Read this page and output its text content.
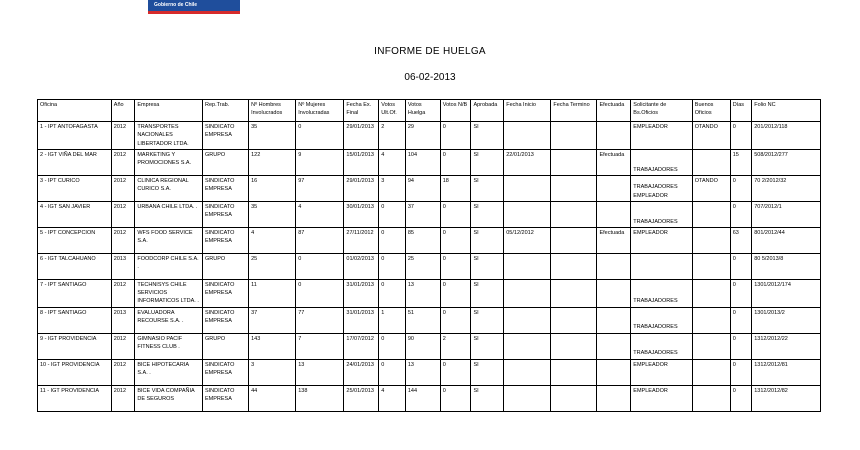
Gobierno de Chile
INFORME DE HUELGA
06-02-2013
Oficina	Año	Empresa	Rep.Trab.	Nº Hombres Involucrados	Nº Mujeres Involucradas	Fecha Ex. Final	Votos Ult.Of.	Votos Huelga	Votos N/B	Aprobada	Fecha Inicio	Fecha Termino	Efectuada	Solicitante de Bs.Oficios	Buenos Oficios	Días	Folio NC
1 - IPT ANTOFAGASTA	2012	TRANSPORTES NACIONALES LIBERTADOR LTDA.	SINDICATO EMPRESA	35	0	29/01/2013	2	29	0	SI				EMPLEADOR	OTANDO	0	201/2012/118
2 - IGT VIÑA DEL MAR	2012	MARKETING Y PROMOCIONES S.A.	GRUPO	122	9	15/01/2013	4	104	0	SI	22/01/2013		Efectuada	TRABAJADORES		15	508/2012/277
3 - IPT CURICO	2012	CLINICA REGIONAL CURICO S.A.	SINDICATO EMPRESA	16	97	29/01/2013	3	94	18	SI				TRABAJADORES EMPLEADOR	OTANDO	0	70 2/2012/32
4 - IGT SAN JAVIER	2012	URBANA CHILE LTDA. .	SINDICATO EMPRESA	35	4	30/01/2013	0	37	0	SI				TRABAJADORES		0	707/2012/1
5 - IPT CONCEPCION	2012	WFS FOOD SERVICE S.A.	SINDICATO EMPRESA	4	87	27/11/2012	0	85	0	SI	05/12/2012		Efectuada	EMPLEADOR		63	801/2012/44
6 - IGT TALCAHUANO	2013	FOODCORP CHILE S.A. .	GRUPO	25	0	01/02/2013	0	25	0	SI						0	80 5/2013/8
7 - IPT SANTIAGO	2012	TECHNISYS CHILE SERVICIOS INFORMATICOS LTDA. .	SINDICATO EMPRESA	11	0	31/01/2013	0	13	0	SI				TRABAJADORES		0	1301/2012/174
8 - IPT SANTIAGO	2013	EVALUADORA RECOURSE S.A. .	SINDICATO EMPRESA	37	77	31/01/2013	1	51	0	SI				TRABAJADORES		0	1301/2013/2
9 - IGT PROVIDENCIA	2012	GIMNASIO PACIF FITNESS CLUB .	GRUPO	143	7	17/07/2012	0	90	2	SI				TRABAJADORES		0	1312/2012/22
10 - IGT PROVIDENCIA	2012	BICE HIPOTECARIA S.A. .	SINDICATO EMPRESA	3	13	24/01/2013	0	13	0	SI				EMPLEADOR		0	1312/2012/81
11 - IGT PROVIDENCIA	2012	BICE VIDA COMPAÑIA DE SEGUROS	SINDICATO EMPRESA	44	138	25/01/2013	4	144	0	SI				EMPLEADOR		0	1312/2012/82
